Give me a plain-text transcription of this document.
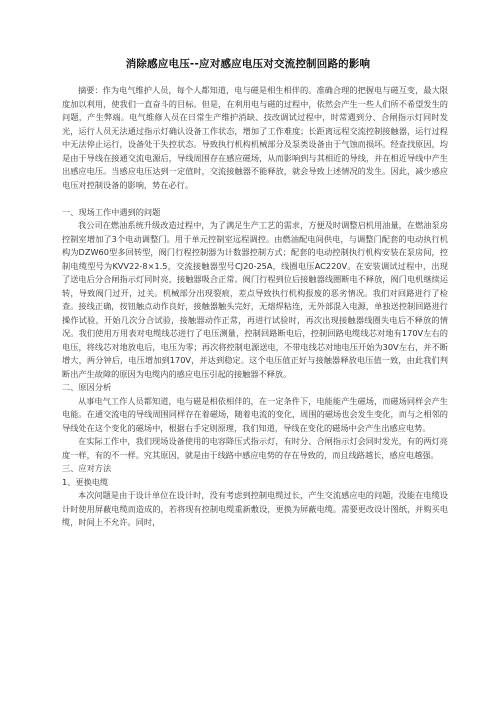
消除感应电压--应对感应电压对交流控制回路的影响

摘要：作为电气维护人员，每个人都知道，电与磁是相生相伴的。准确合理的把握电与磁互变，最大限度加以利用，使我们一直奋斗的目标。但是，在利用电与磁的过程中，依然会产生一些人们所不希望发生的问题，产生弊端。电气维修人员在日常生产维护消缺、技改调试过程中，时常遇到分、合闸指示灯同时发光，运行人员无法通过指示灯确认设备工作状态，增加了工作难度；长距离远程交流控制接触器，运行过程中无法停止运行，设备处于失控状态。导致执行机构机械部分及泵类设备由于气蚀而损坏。经查找原因，均是由于导线在接通交流电源后，导线周围存在感应磁场，从而影响到与其相近的导线，并在相近导线中产生出感应电压。当感应电压达到一定值时，交流接触器不能释放，就会导致上述情况的发生。因此，减少感应电压对控制设备的影响，势在必行。

一、现场工作中遇到的问题

我公司在燃油系统升级改造过程中，为了满足生产工艺的需求，方便及时调整启机用油量，在燃油泵房控制室增加了3个电动调整门。用于单元控制室远程调控。由燃油配电间供电，与调整门配套的电动执行机构为DZW60型多回转型，阀门行程控制器为计数器控制方式；配套的电动控制执行机构安装在泵房间，控制电缆型号为KVV22-8×1.5，交流接触器型号CJ20-25A，线圈电压AC220V。在安装调试过程中，出现了送电后分合闸指示灯同时亮，接触器吸合正常。阀门行程到位后接触器线圈断电不释放，阀门电机继续运转，导致阀门过开，过关。机械部分出现裂痕，差点导致执行机构报废的恶劣情况。我们对回路进行了检查。接线正确，按钮触点动作良好，接触器触头完好，无熔焊粘连，无外部混入电源，单独送控制回路进行操作试验，开始几次分合试验，接触器动作正常，再进行试验时，再次出现接触器线圈失电后不释放的情况。我们使用万用表对电缆线芯进行了电压测量，控制回路断电后，控制回路电缆线芯对地有170V左右的电压，将线芯对地放电后，电压为零；再次将控制电源送电，不带电线芯对地电压开始为30V左右，并不断增大，两分钟后，电压增加到170V，并达到稳定。这个电压值正好与接触器释放电压值一致，由此我们判断出产生故障的原因为电缆内的感应电压引起的接触器不释放。

二、原因分析

从事电气工作人员都知道，电与磁是相依相伴的，在一定条件下，电能能产生磁场，而磁场同样会产生电能。在通交流电的导线周围同样存在着磁场，随着电流的变化，周围的磁场也会发生变化，而与之相邻的导线处在这个变化的磁场中，根据右手定则原理，我们知道，导线在变化的磁场中会产生出感应电势。

在实际工作中，我们现场设备使用的电容降压式指示灯，有时分、合闸指示灯会同时发光，有的两灯亮度一样，有的不一样。究其原因，就是由于线路中感应电势的存在导致的，而且线路越长，感应电越强。

三、应对方法

1、更换电缆

本次问题是由于设计单位在设计时，没有考虑到控制电缆过长，产生交流感应电的问题，没能在电缆设计时使用屏蔽电缆而造成的，若将现有控制电缆重新敷设，更换为屏蔽电缆。需要更改设计图纸，并购买电缆，时间上不允许。同时，
